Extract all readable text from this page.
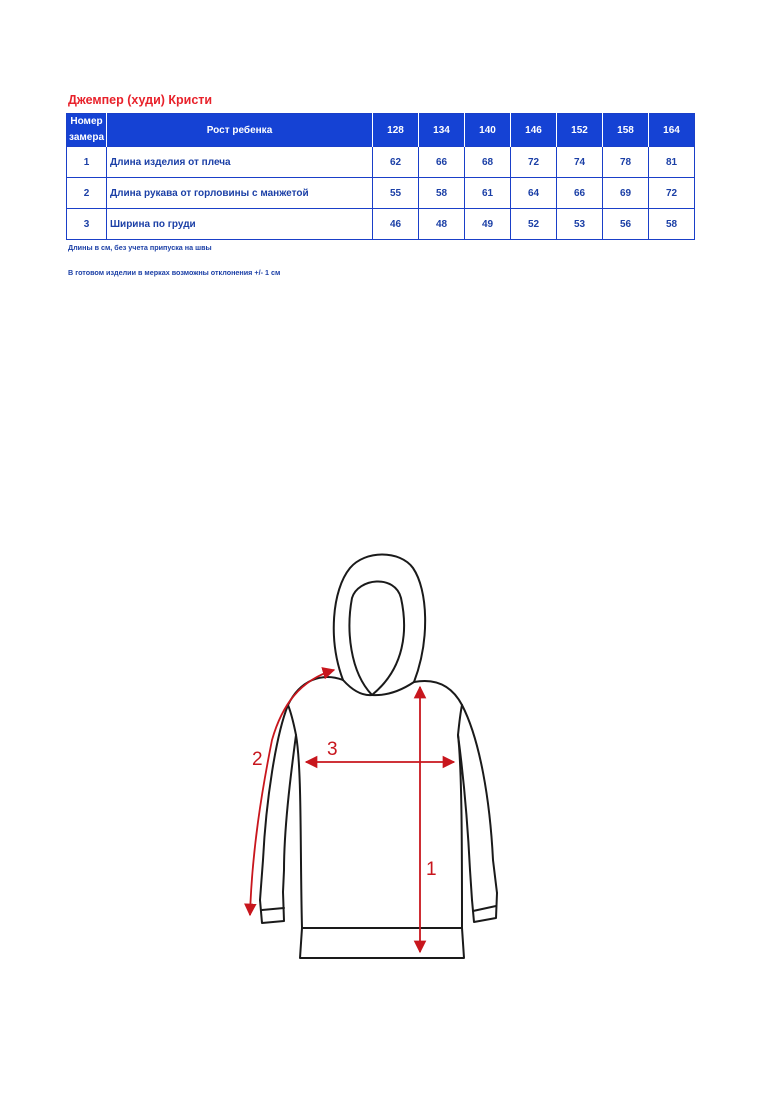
Джемпер (худи) Кристи
Номер
замера	Рост ребенка	128	134	140	146	152	158	164
1	Длина изделия от плеча	62	66	68	72	74	78	81
2	Длина рукава от горловины с манжетой	55	58	61	64	66	69	72
3	Ширина по груди	46	48	49	52	53	56	58
Длины в см, без учета припуска на швы
В готовом изделии в мерках возможны отклонения +/- 1 см
1
2	3
